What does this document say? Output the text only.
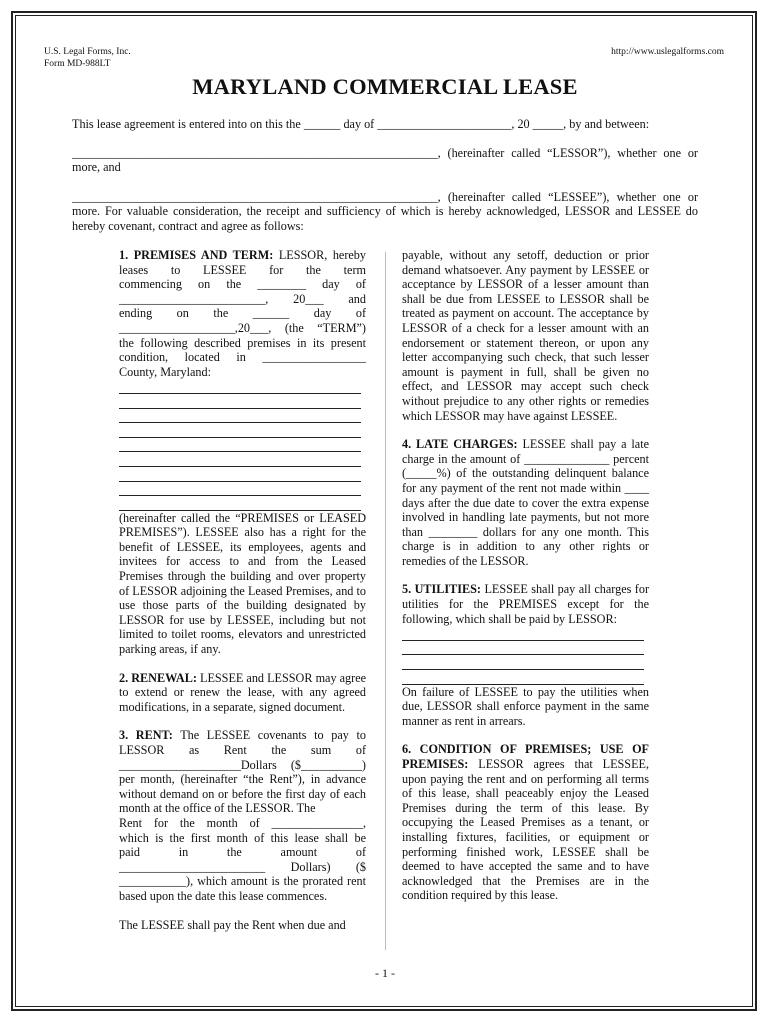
U.S. Legal Forms, Inc.
Form MD-988LT
http://www.uslegalforms.com
MARYLAND COMMERCIAL LEASE
This lease agreement is entered into on this the ______ day of ______________________, 20 _____, by and between:
____________________________________________________________, (hereinafter called “LESSOR”), whether one or
more, and
____________________________________________________________, (hereinafter called “LESSEE”), whether one or
more. For valuable consideration, the receipt and sufficiency of which is hereby acknowledged, LESSOR and LESSEE do hereby covenant, contract and agree as follows:

1. PREMISES AND TERM: LESSOR, hereby leases to LESSEE for the term

commencing on the ________ day of

________________________, 20___ and

ending on the ______ day of

___________________,20___, (the “TERM”)

the following described premises in its present

condition, located in _________________

County, Maryland:

(hereinafter called the “PREMISES or LEASED PREMISES”). LESSEE also has a right for the benefit of LESSEE, its employees, agents and invitees for access to and from the Leased Premises through the building and over property of LESSOR adjoining the Leased Premises, and to use those parts of the building designated by LESSOR for use by LESSEE, including but not limited to toilet rooms, elevators and unrestricted parking areas, if any.

2. RENEWAL: LESSEE and LESSOR may agree to extend or renew the lease, with any agreed modifications, in a separate, signed document.

3. RENT: The LESSEE covenants to pay to

LESSOR as Rent the sum of

____________________Dollars ($__________)

per month, (hereinafter “the Rent”), in advance without demand on or before the first day of each month at the office of the LESSOR. The

Rent for the month of _______________,

which is the first month of this lease shall be

paid in the amount of

________________________ Dollars) ($

___________), which amount is the prorated rent based upon the date this lease commences.

The LESSEE shall pay the Rent when due and

payable, without any setoff, deduction or prior demand whatsoever. Any payment by LESSEE or acceptance by LESSOR of a lesser amount than shall be due from LESSEE to LESSOR shall be treated as payment on account. The acceptance by LESSOR of a check for a lesser amount with an endorsement or statement thereon, or upon any letter accompanying such check, that such lesser amount is payment in full, shall be given no effect, and LESSOR may accept such check without prejudice to any other rights or remedies which LESSOR may have against LESSEE.

4. LATE CHARGES: LESSEE shall pay a late charge in the amount of ______________ percent (_____%) of the outstanding delinquent balance for any payment of the rent not made within ____ days after the due date to cover the extra expense involved in handling late payments, but not more than ________ dollars for any one month. This charge is in addition to any other rights or remedies of the LESSOR.

5. UTILITIES: LESSEE shall pay all charges for utilities for the PREMISES except for the following, which shall be paid by LESSOR:

On failure of LESSEE to pay the utilities when due, LESSOR shall enforce payment in the same manner as rent in arrears.

6. CONDITION OF PREMISES; USE OF PREMISES: LESSOR agrees that LESSEE, upon paying the rent and on performing all terms of this lease, shall peaceably enjoy the Leased Premises during the term of this lease. By occupying the Leased Premises as a tenant, or installing fixtures, facilities, or equipment or performing finished work, LESSEE shall be deemed to have accepted the same and to have acknowledged that the Premises are in the condition required by this lease.
- 1 -
